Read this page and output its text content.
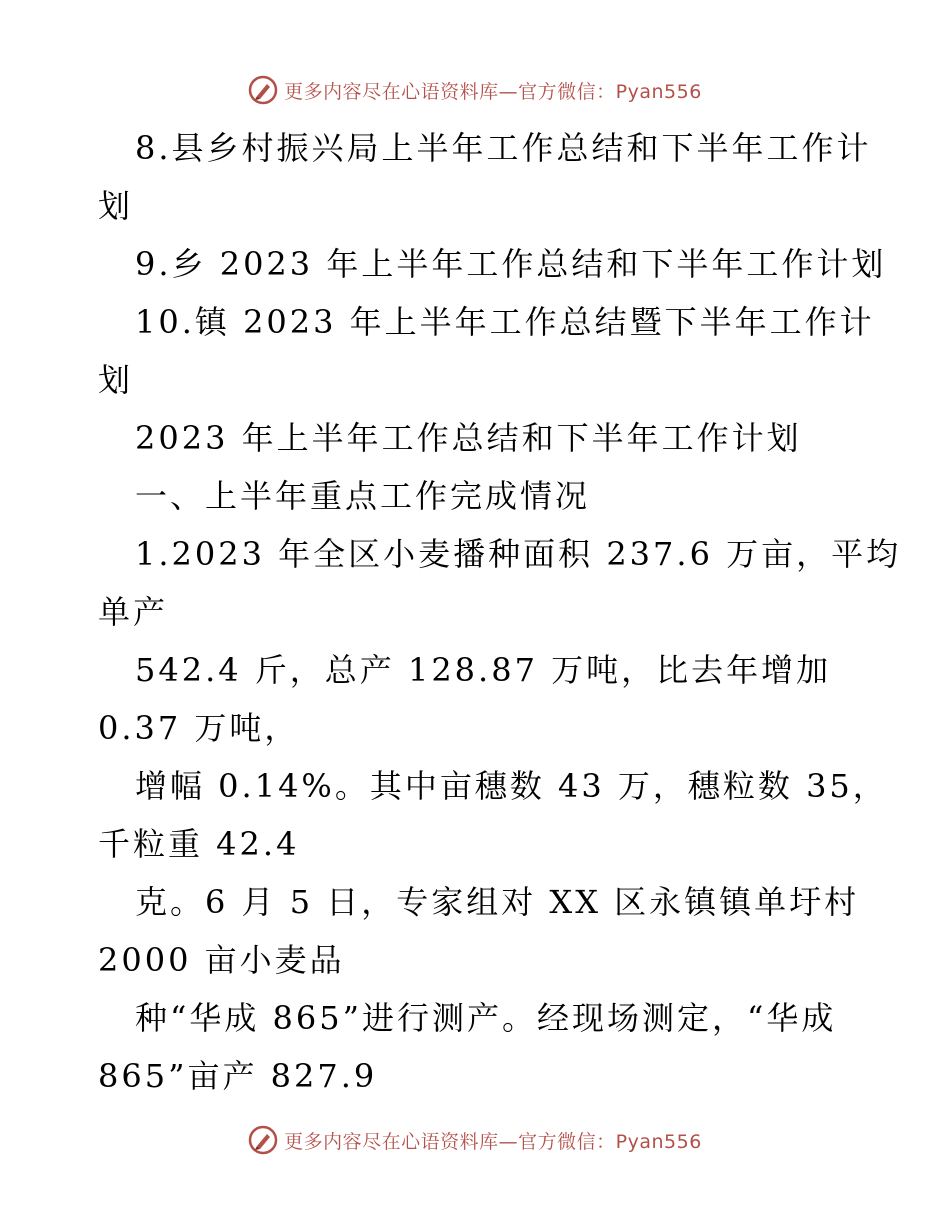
更多内容尽在心语资料库—官方微信：Pyan556
8.县乡村振兴局上半年工作总结和下半年工作计
划
9.乡 2023 年上半年工作总结和下半年工作计划
10.镇 2023 年上半年工作总结暨下半年工作计
划
2023 年上半年工作总结和下半年工作计划
一、上半年重点工作完成情况
1.2023 年全区小麦播种面积 237.6 万亩，平均
单产
542.4 斤，总产 128.87 万吨，比去年增加
0.37 万吨，
增幅 0.14%。其中亩穗数 43 万，穗粒数 35，
千粒重 42.4
克。6 月 5 日，专家组对 XX 区永镇镇单圩村
2000 亩小麦品
种“华成 865”进行测产。经现场测定，“华成
865”亩产 827.9
更多内容尽在心语资料库—官方微信：Pyan556
